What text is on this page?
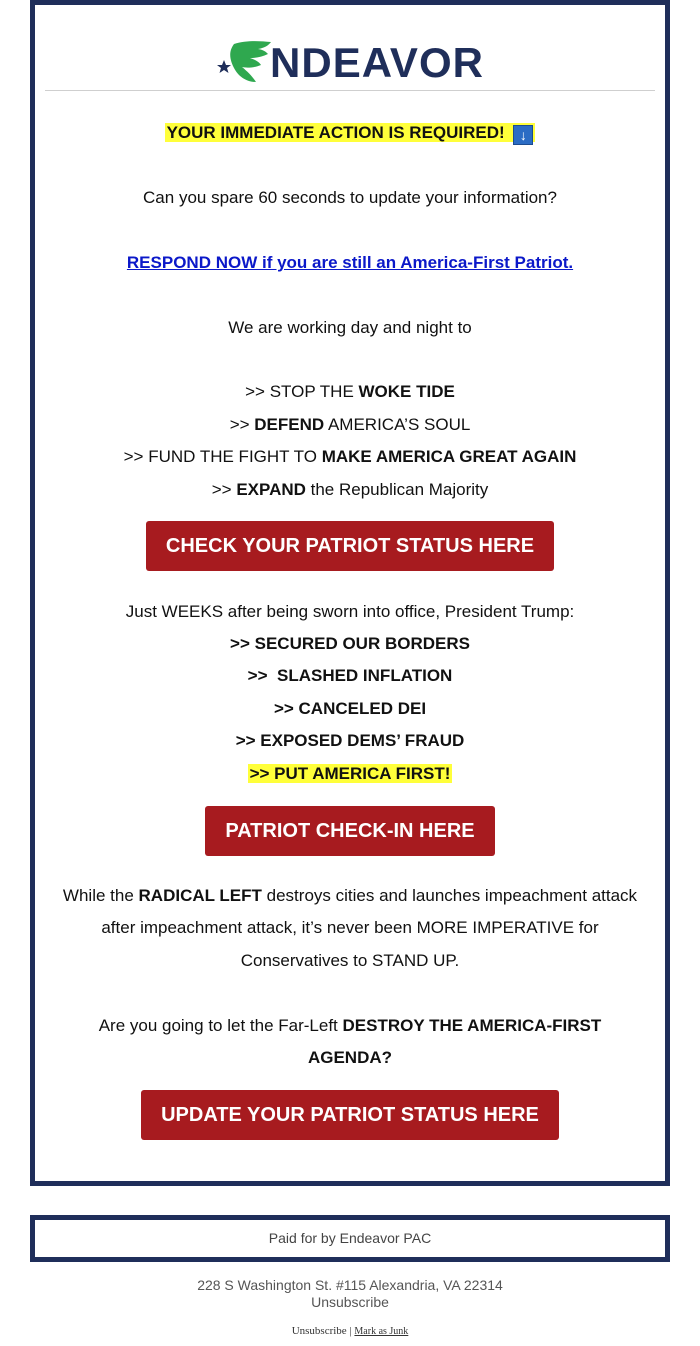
NDEAVOR
YOUR IMMEDIATE ACTION IS REQUIRED! ↓
Can you spare 60 seconds to update your information?
RESPOND NOW if you are still an America-First Patriot.
We are working day and night to
>> STOP THE WOKE TIDE
>> DEFEND AMERICA’S SOUL
>> FUND THE FIGHT TO MAKE AMERICA GREAT AGAIN
>> EXPAND the Republican Majority
CHECK YOUR PATRIOT STATUS HERE
Just WEEKS after being sworn into office, President Trump:
>> SECURED OUR BORDERS
>>  SLASHED INFLATION
>> CANCELED DEI
>> EXPOSED DEMS’ FRAUD
>> PUT AMERICA FIRST!
PATRIOT CHECK-IN HERE
While the RADICAL LEFT destroys cities and launches impeachment attack
after impeachment attack, it’s never been MORE IMPERATIVE for
Conservatives to STAND UP.
Are you going to let the Far-Left DESTROY THE AMERICA-FIRST
AGENDA?
UPDATE YOUR PATRIOT STATUS HERE
Paid for by Endeavor PAC
228 S Washington St. #115 Alexandria, VA 22314
Unsubscribe
Unsubscribe | Mark as Junk
